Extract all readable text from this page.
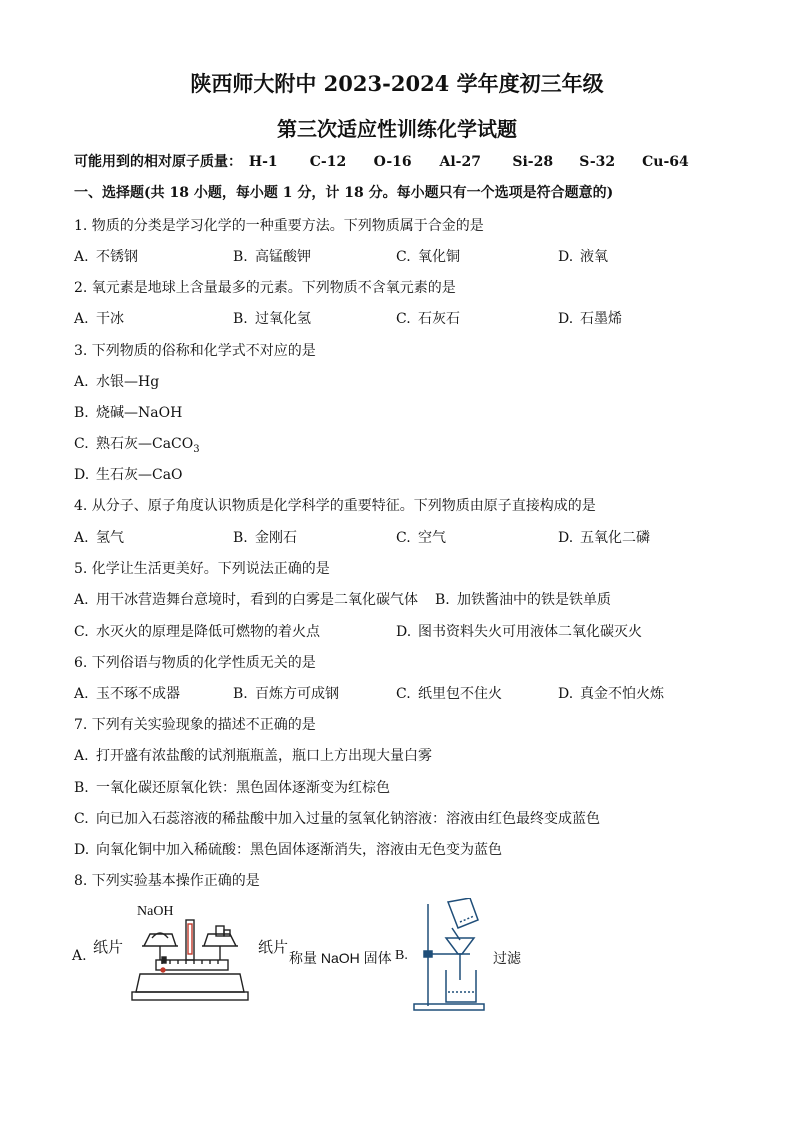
陕西师大附中 2023-2024 学年度初三年级
第三次适应性训练化学试题
可能用到的相对原子质量： H-1 C-12 O-16 Al-27 Si-28 S-32 Cu-64
一、选择题(共 18 小题，每小题 1 分，计 18 分。每小题只有一个选项是符合题意的)
1. 物质的分类是学习化学的一种重要方法。下列物质属于合金的是
A. 不锈钢	B. 高锰酸钾	C. 氧化铜	D. 液氧
2. 氧元素是地球上含量最多的元素。下列物质不含氧元素的是
A. 干冰	B. 过氧化氢	C. 石灰石	D. 石墨烯
3. 下列物质的俗称和化学式不对应的是
A. 水银—Hg
B. 烧碱—NaOH
C. 熟石灰—CaCO$_3$
D. 生石灰—CaO
4. 从分子、原子角度认识物质是化学科学的重要特征。下列物质由原子直接构成的是
A. 氢气	B. 金刚石	C. 空气	D. 五氧化二磷
5. 化学让生活更美好。下列说法正确的是
A. 用干冰营造舞台意境时，看到的白雾是二氧化碳气体 B. 加铁酱油中的铁是铁单质
C. 水灭火的原理是降低可燃物的着火点	D. 图书资料失火可用液体二氧化碳灭火
6. 下列俗语与物质的化学性质无关的是
A. 玉不琢不成器	B. 百炼方可成钢	C. 纸里包不住火	D. 真金不怕火炼
7. 下列有关实验现象的描述不正确的是
A. 打开盛有浓盐酸的试剂瓶瓶盖，瓶口上方出现大量白雾
B. 一氧化碳还原氧化铁：黑色固体逐渐变为红棕色
C. 向已加入石蕊溶液的稀盐酸中加入过量的氢氧化钠溶液：溶液由红色最终变成蓝色
D. 向氧化铜中加入稀硫酸：黑色固体逐渐消失，溶液由无色变为蓝色
8. 下列实验基本操作正确的是
A.
NaOH
纸片	纸片
称量 NaOH 固体 B.	过滤
